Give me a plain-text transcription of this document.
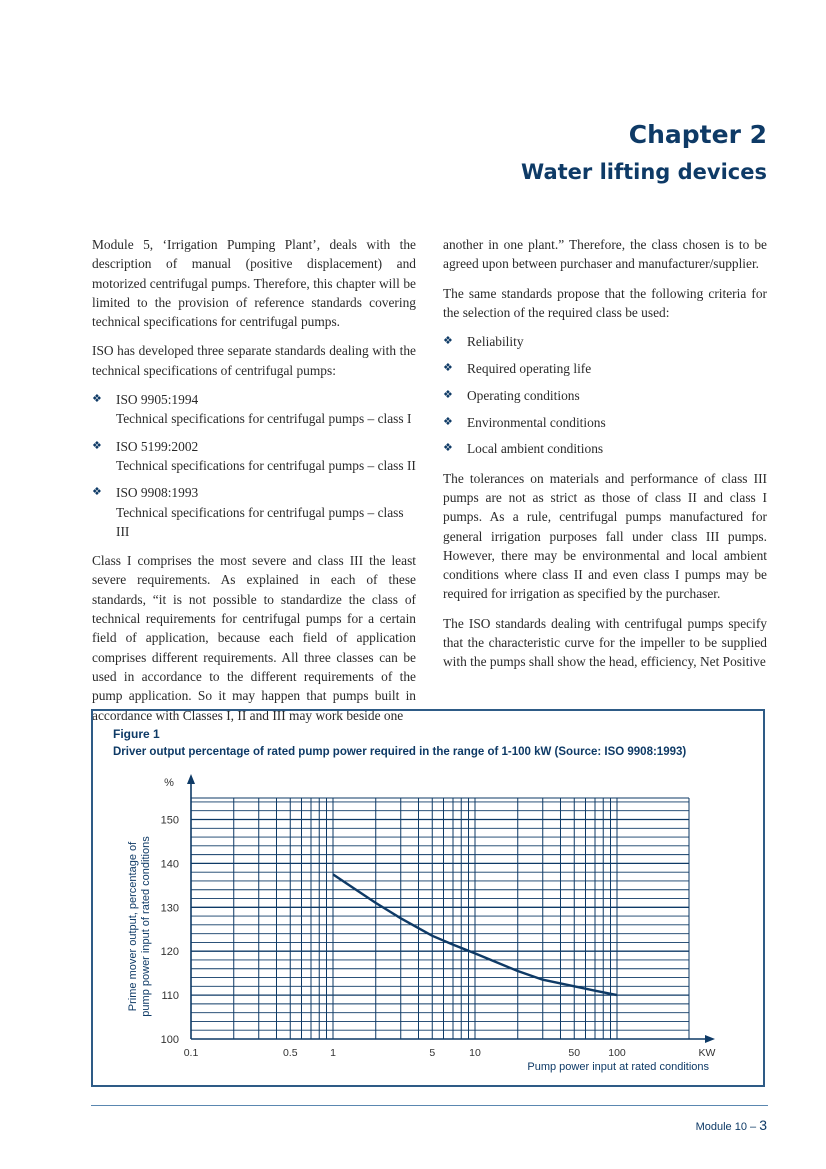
Chapter 2
Water lifting devices

Module 5, ‘Irrigation Pumping Plant’, deals with the description of manual (positive displacement) and motorized centrifugal pumps. Therefore, this chapter will be limited to the provision of reference standards covering technical specifications for centrifugal pumps.

ISO has developed three separate standards dealing with the technical specifications of centrifugal pumps:

❖ ISO 9905:1994
Technical specifications for centrifugal pumps – class I
❖ ISO 5199:2002
Technical specifications for centrifugal pumps – class II
❖ ISO 9908:1993
Technical specifications for centrifugal pumps – class III

Class I comprises the most severe and class III the least severe requirements. As explained in each of these standards, “it is not possible to standardize the class of technical requirements for centrifugal pumps for a certain field of application, because each field of application comprises different requirements. All three classes can be used in accordance to the different requirements of the pump application. So it may happen that pumps built in accordance with Classes I, II and III may work beside one

another in one plant.” Therefore, the class chosen is to be agreed upon between purchaser and manufacturer/supplier.

The same standards propose that the following criteria for the selection of the required class be used:

❖ Reliability
❖ Required operating life
❖ Operating conditions
❖ Environmental conditions
❖ Local ambient conditions

The tolerances on materials and performance of class III pumps are not as strict as those of class II and class I pumps. As a rule, centrifugal pumps manufactured for general irrigation purposes fall under class III pumps. However, there may be environmental and local ambient conditions where class II and even class I pumps may be required for irrigation as specified by the purchaser.

The ISO standards dealing with centrifugal pumps specify that the characteristic curve for the impeller to be supplied with the pumps shall show the head, efficiency, Net Positive

100
110
120
130
140
150
%
0.1	0.5	1	5	10	50	100	KW
Pump power input at rated conditions
Prime mover output, percentage of pump power input of rated conditions
Figure 1
Driver output percentage of rated pump power required in the range of 1-100 kW (Source: ISO 9908:1993)
Module 10 – 3
